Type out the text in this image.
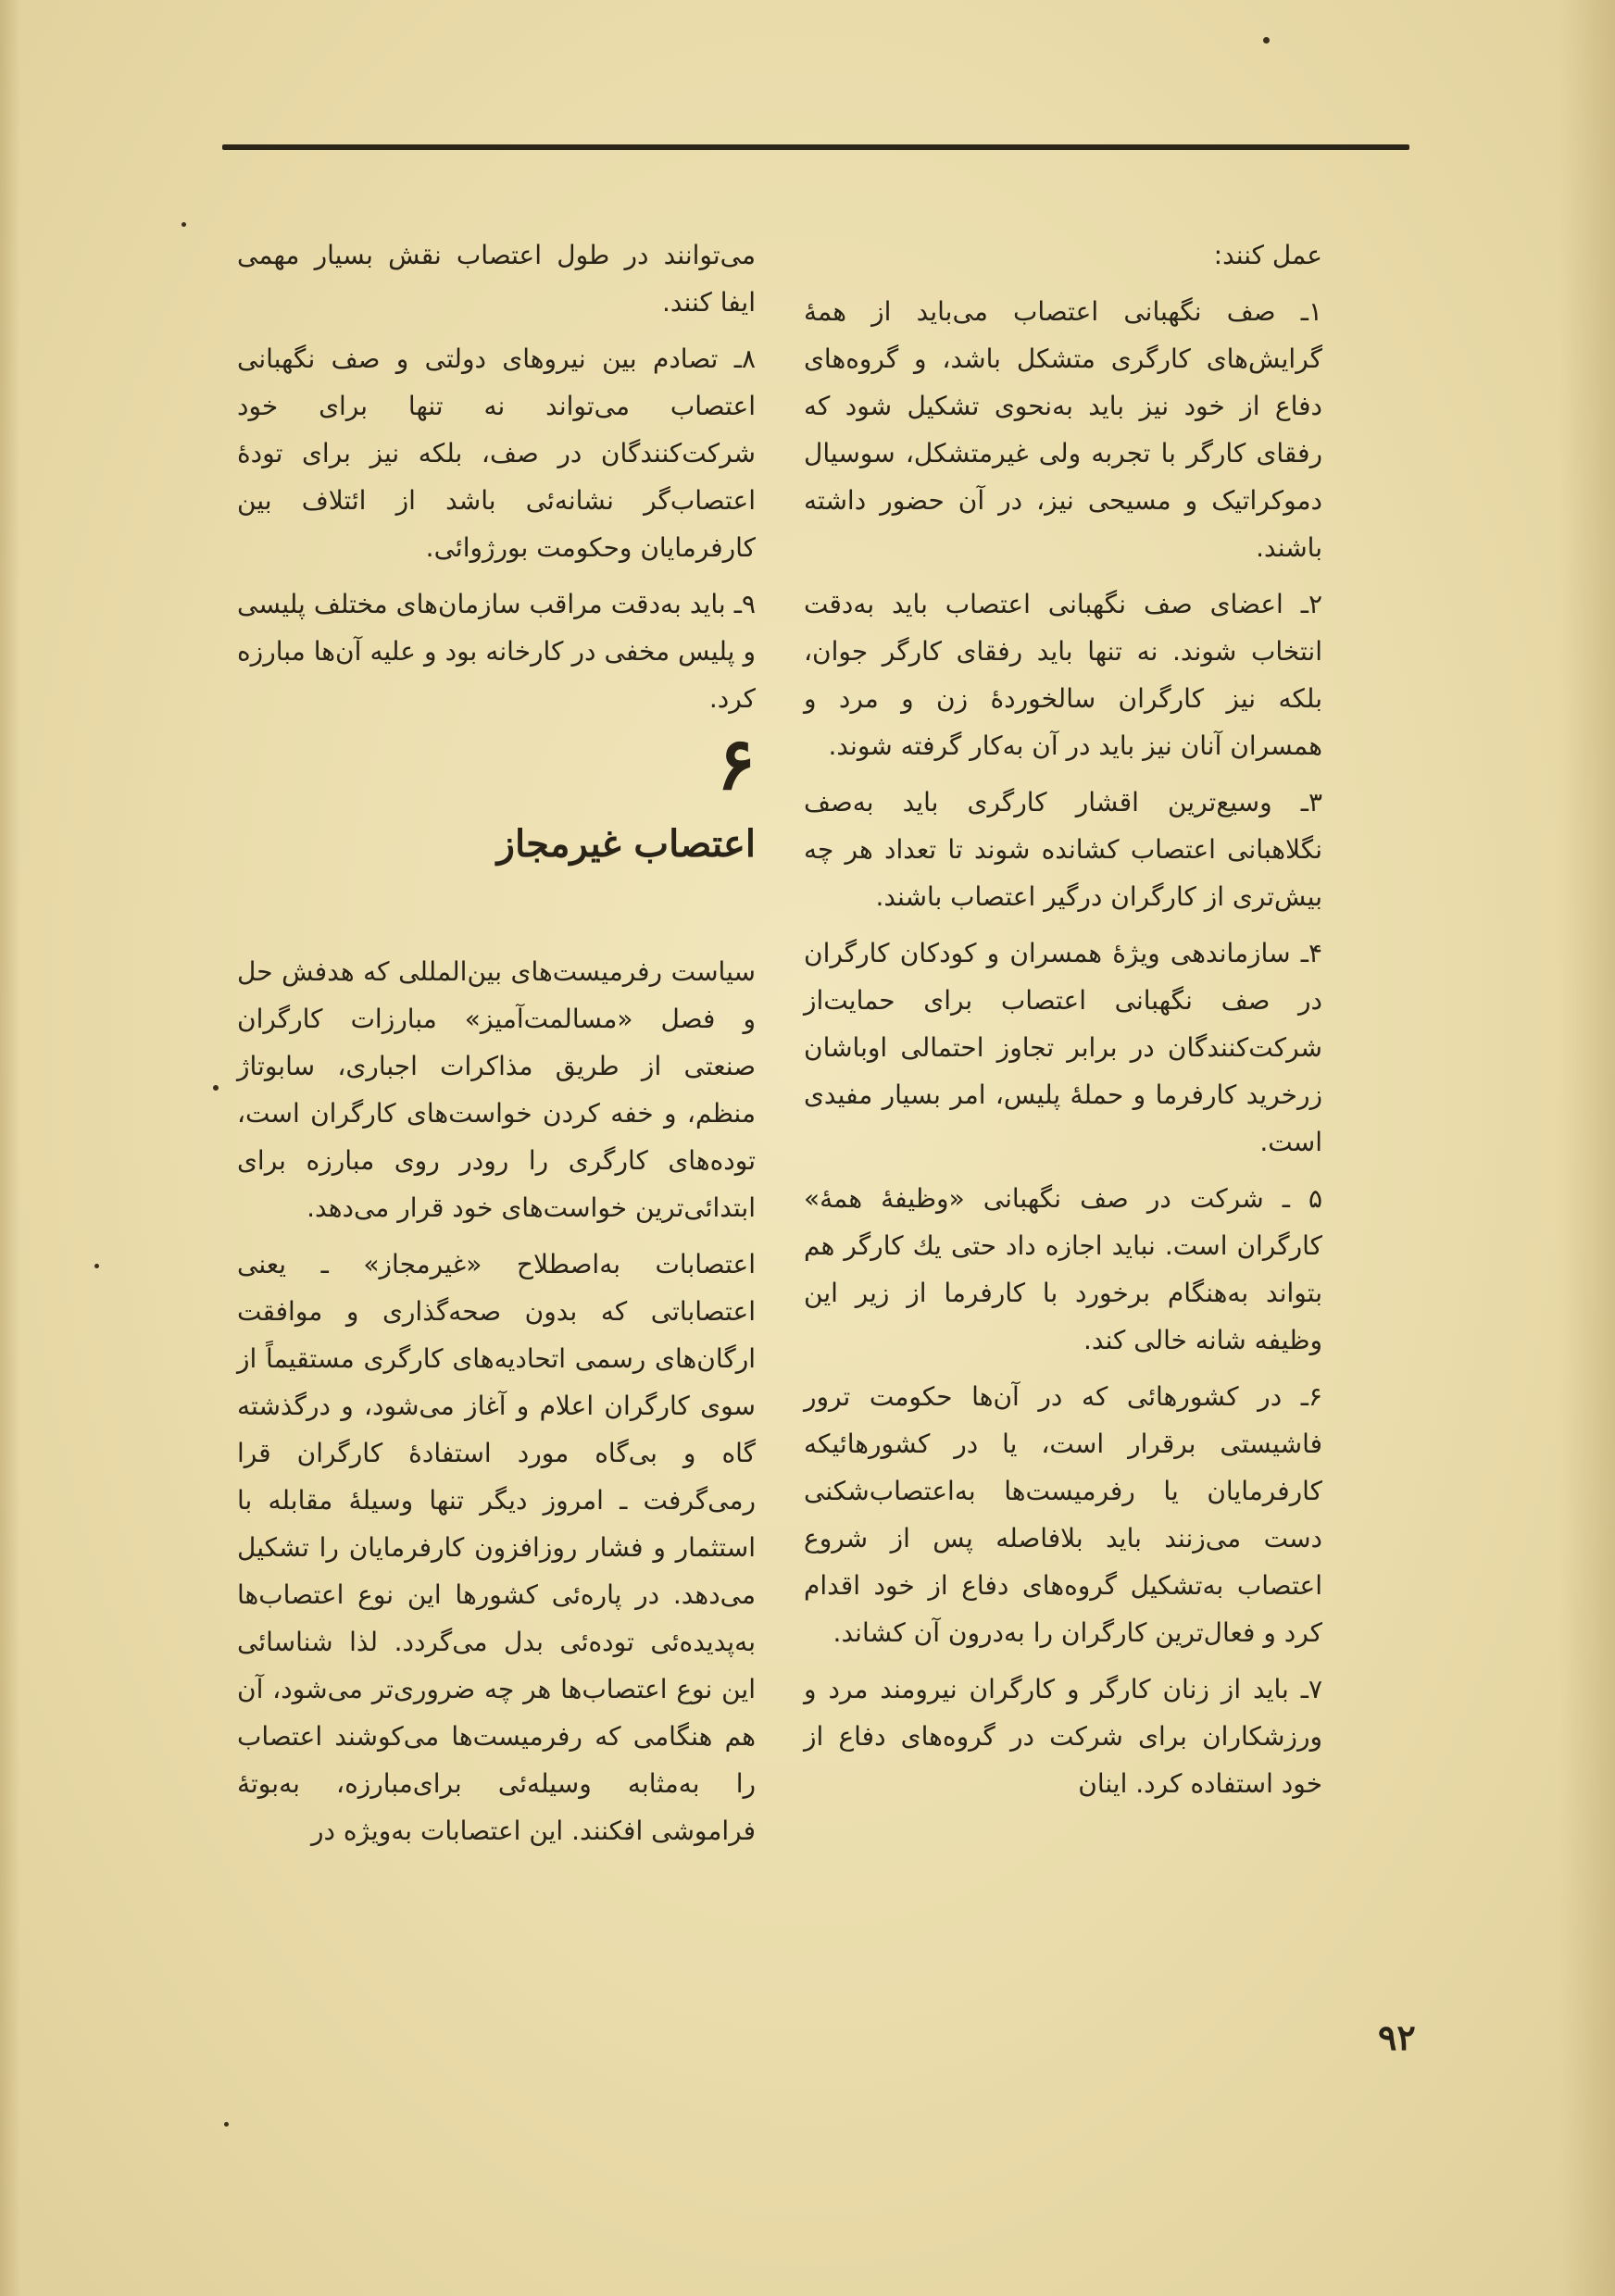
عمل کنند:

۱ـ صف نگهبانی اعتصاب می‌باید از همهٔ گرایش‌های کارگری متشکل باشد، و گروه‌های دفاع از خود نیز باید به‌نحوی تشکیل شود که رفقای کارگر با تجربه ولی غیرمتشکل، سوسیال دموکراتیک و مسیحی نیز، در آن حضور داشته باشند.

۲ـ اعضای صف نگهبانی اعتصاب باید به‌دقت انتخاب شوند. نه تنها باید رفقای کارگر جوان، بلکه نیز کارگران سالخوردهٔ زن و مرد و همسران آنان نیز باید در آن به‌کار گرفته شوند.

۳ـ وسیع‌ترین اقشار کارگری باید به‌صف نگلاهبانی اعتصاب کشانده شوند تا تعداد هر چه بیش‌تری از کارگران درگیر اعتصاب باشند.

۴ـ سازماندهی ویژهٔ همسران و کودکان کارگران در صف نگهبانی اعتصاب برای حمایت‌از شرکت‌کنندگان در برابر تجاوز احتمالی اوباشان زرخرید کارفرما و حملهٔ پلیس، امر بسیار مفیدی است.

۵ ـ شرکت در صف نگهبانی «وظیفهٔ همهٔ» کارگران است. نباید اجازه داد حتی یك کارگر هم بتواند به‌هنگام برخورد با کارفرما از زیر این وظیفه شانه خالی کند.

۶ـ در کشورهائی که در آن‌ها حکومت ترور فاشیستی برقرار است، یا در کشورهائیکه کارفرمایان یا رفرمیست‌ها به‌اعتصاب‌شکنی دست می‌زنند باید بلافاصله پس از شروع اعتصاب به‌تشکیل گروه‌های دفاع از خود اقدام کرد و فعال‌ترین کارگران را به‌درون آن کشاند.

۷ـ باید از زنان کارگر و کارگران نیرومند مرد و ورزشکاران برای شرکت در گروه‌های دفاع از خود استفاده کرد. اینان

می‌توانند در طول اعتصاب نقش بسیار مهمی ایفا کنند.

۸ـ تصادم بین نیروهای دولتی و صف نگهبانی اعتصاب می‌تواند نه تنها برای خود شرکت‌کنندگان در صف، بلکه نیز برای تودهٔ اعتصاب‌گر نشانه‌ئی باشد از ائتلاف بین کارفرمایان وحکومت بورژوائی.

۹ـ باید به‌دقت مراقب سازمان‌های مختلف پلیسی و پلیس مخفی در کارخانه بود و علیه آن‌ها مبارزه کرد.

۶
اعتصاب غیرمجاز

سیاست رفرمیست‌های بین‌المللی که هدفش حل و فصل «مسالمت‌آمیز» مبارزات کارگران صنعتی از طریق مذاکرات اجباری، سابوتاژ منظم، و خفه کردن خواست‌های کارگران است، توده‌های کارگری را رودر روی مبارزه برای ابتدائی‌ترین خواست‌های خود قرار می‌دهد.

اعتصابات به‌اصطلاح «غیرمجاز» ـ یعنی اعتصاباتی که بدون صحه‌گذاری و موافقت ارگان‌های رسمی اتحادیه‌های کارگری مستقیماً از سوی کارگران اعلام و آغاز می‌شود، و درگذشته گاه و بی‌گاه مورد استفادهٔ کارگران قرا رمی‌گرفت ـ امروز دیگر تنها وسیلهٔ مقابله با استثمار و فشار روزافزون کارفرمایان را تشکیل می‌دهد. در پاره‌ئی کشورها این نوع اعتصاب‌ها به‌پدیده‌ئی توده‌ئی بدل می‌گردد. لذا شناسائی این نوع اعتصاب‌ها هر چه ضروری‌تر می‌شود، آن هم هنگامی که رفرمیست‌ها می‌کوشند اعتصاب را به‌مثابه وسیله‌ئی برای‌مبارزه، به‌بوتهٔ فراموشی افکنند. این اعتصابات به‌ویژه در

۹۲
